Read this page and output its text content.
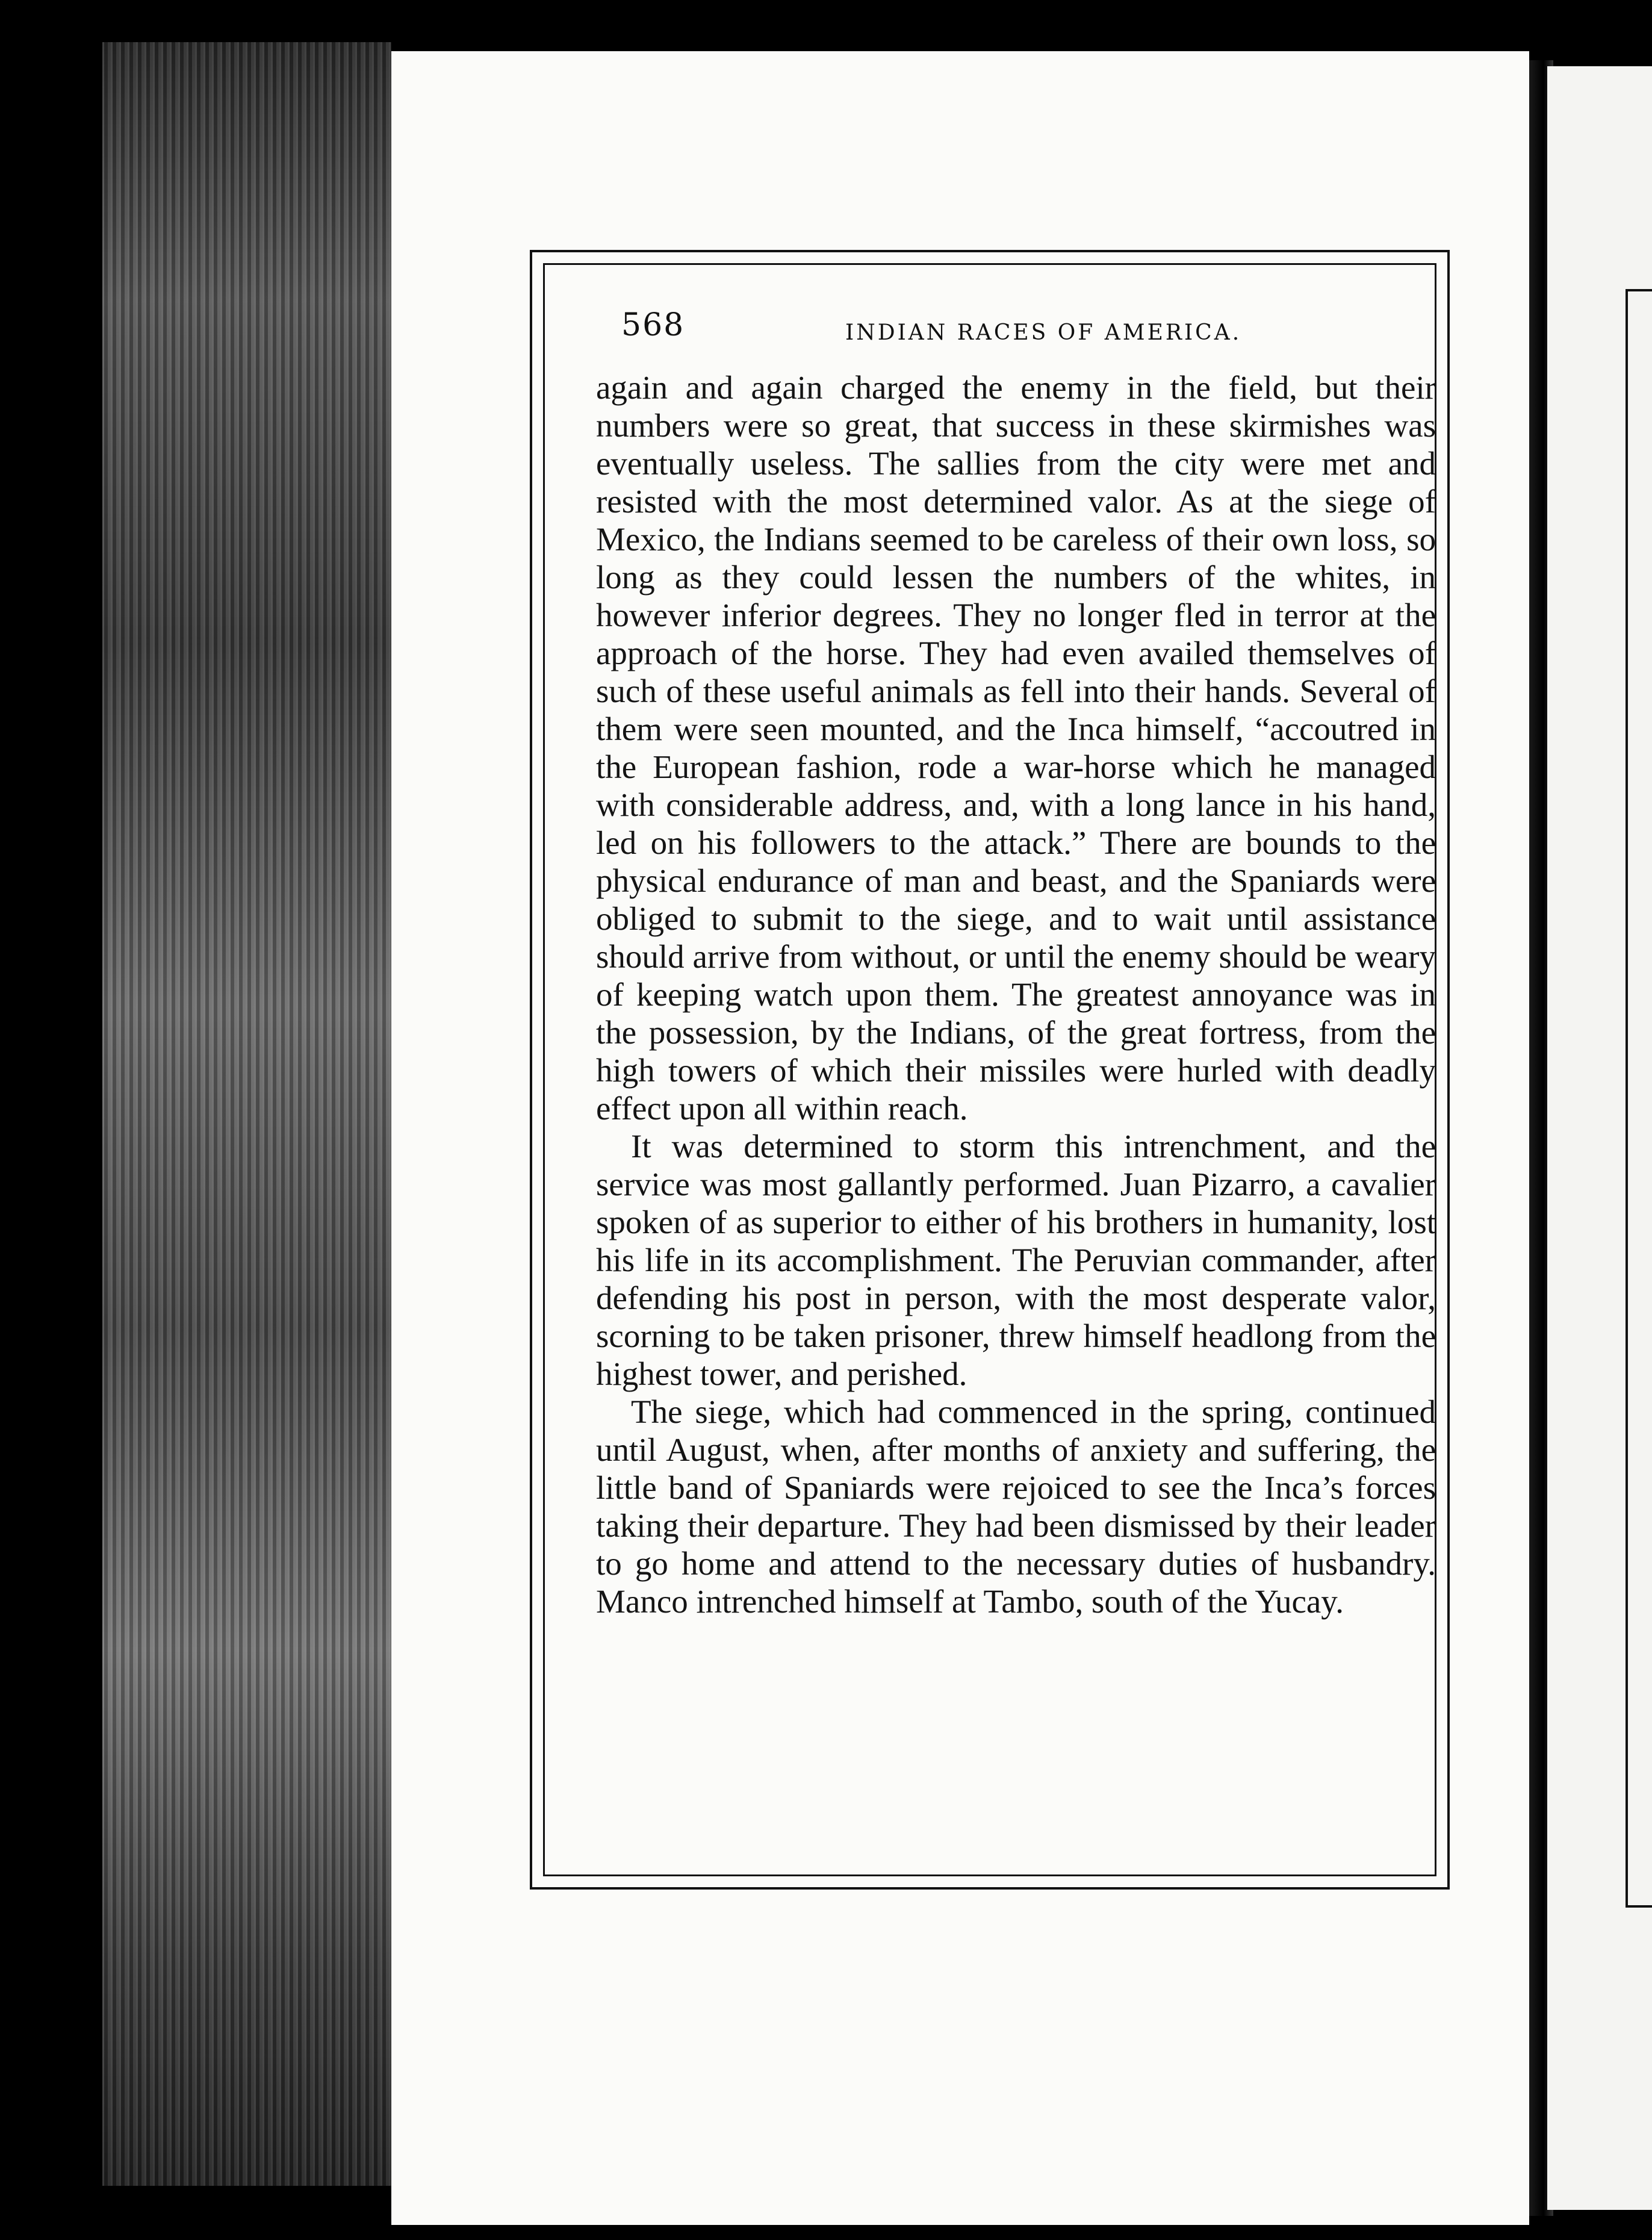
568	INDIAN RACES OF AMERICA.

again and again charged the enemy in the field, but their numbers were so great, that success in these skirmishes was eventually useless. The sallies from the city were met and resisted with the most determined valor. As at the siege of Mexico, the Indians seemed to be careless of their own loss, so long as they could lessen the numbers of the whites, in however inferior degrees. They no longer fled in terror at the approach of the horse. They had even availed themselves of such of these useful animals as fell into their hands. Several of them were seen mounted, and the Inca himself, “accoutred in the European fashion, rode a war-horse which he managed with considerable address, and, with a long lance in his hand, led on his followers to the attack.” There are bounds to the physical endurance of man and beast, and the Spaniards were obliged to submit to the siege, and to wait until assistance should arrive from without, or until the enemy should be weary of keeping watch upon them. The greatest annoyance was in the possession, by the Indians, of the great fortress, from the high towers of which their missiles were hurled with deadly effect upon all within reach.

It was determined to storm this intrenchment, and the service was most gallantly performed. Juan Pizarro, a cavalier spoken of as superior to either of his brothers in humanity, lost his life in its accomplishment. The Peruvian commander, after defending his post in person, with the most desperate valor, scorning to be taken prisoner, threw himself headlong from the highest tower, and perished.

The siege, which had commenced in the spring, continued until August, when, after months of anxiety and suffering, the little band of Spaniards were rejoiced to see the Inca’s forces taking their departure. They had been dismissed by their leader to go home and attend to the necessary duties of husbandry. Manco intrenched himself at Tambo, south of the Yucay.
